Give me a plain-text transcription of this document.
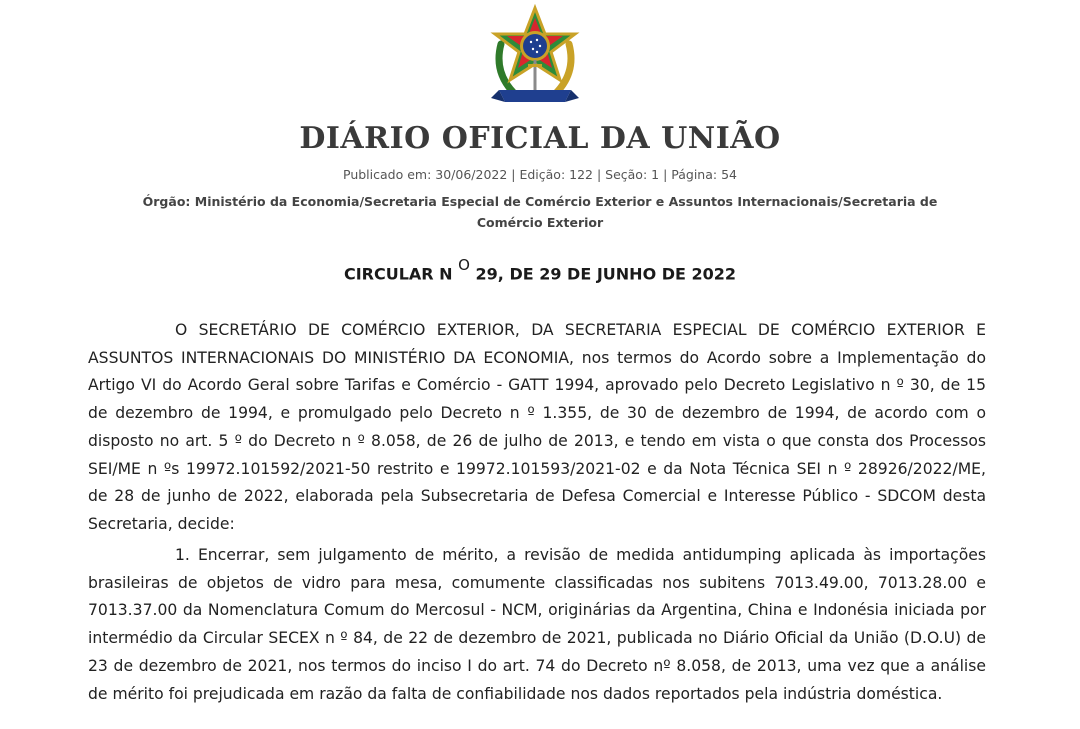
DIÁRIO OFICIAL DA UNIÃO
Publicado em: 30/06/2022 | Edição: 122 | Seção: 1 | Página: 54
Órgão: Ministério da Economia/Secretaria Especial de Comércio Exterior e Assuntos Internacionais/Secretaria de Comércio Exterior
CIRCULAR N $^O$ 29, DE 29 DE JUNHO DE 2022

O SECRETÁRIO DE COMÉRCIO EXTERIOR, DA SECRETARIA ESPECIAL DE COMÉRCIO EXTERIOR E ASSUNTOS INTERNACIONAIS DO MINISTÉRIO DA ECONOMIA, nos termos do Acordo sobre a Implementação do Artigo VI do Acordo Geral sobre Tarifas e Comércio - GATT 1994, aprovado pelo Decreto Legislativo n º 30, de 15 de dezembro de 1994, e promulgado pelo Decreto n º 1.355, de 30 de dezembro de 1994, de acordo com o disposto no art. 5 º do Decreto n º 8.058, de 26 de julho de 2013, e tendo em vista o que consta dos Processos SEI/ME n ºs 19972.101592/2021-50 restrito e 19972.101593/2021-02 e da Nota Técnica SEI n º 28926/2022/ME, de 28 de junho de 2022, elaborada pela Subsecretaria de Defesa Comercial e Interesse Público - SDCOM desta Secretaria, decide:

1. Encerrar, sem julgamento de mérito, a revisão de medida antidumping aplicada às importações brasileiras de objetos de vidro para mesa, comumente classificadas nos subitens 7013.49.00, 7013.28.00 e 7013.37.00 da Nomenclatura Comum do Mercosul - NCM, originárias da Argentina, China e Indonésia iniciada por intermédio da Circular SECEX n º 84, de 22 de dezembro de 2021, publicada no Diário Oficial da União (D.O.U) de 23 de dezembro de 2021, nos termos do inciso I do art. 74 do Decreto nº 8.058, de 2013, uma vez que a análise de mérito foi prejudicada em razão da falta de confiabilidade nos dados reportados pela indústria doméstica.
